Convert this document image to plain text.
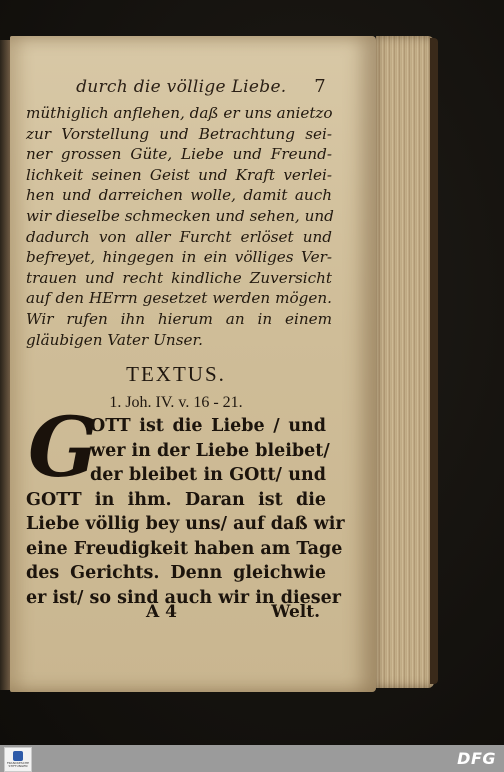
durch die völlige Liebe. 7
müthiglich anflehen, daß er uns anietzo
zur Vorstellung und Betrachtung sei-
ner grossen Güte, Liebe und Freund-
lichkeit seinen Geist und Kraft verlei-
hen und darreichen wolle, damit auch
wir dieselbe schmecken und sehen, und
dadurch von aller Furcht erlöset und
befreyet, hingegen in ein völliges Ver-
trauen und recht kindliche Zuversicht
auf den HErrn gesetzet werden mögen.
Wir rufen ihn hierum an in einem
gläubigen Vater Unser.
TEXTUS.
1. Joh. IV. v. 16 - 21.
G
OTT ist die Liebe / und
wer in der Liebe bleibet/
der bleibet in GOtt/ und
GOTT in ihm. Daran ist die
Liebe völlig bey uns/ auf daß wir
eine Freudigkeit haben am Tage
des Gerichts. Denn gleichwie
er ist/ so sind auch wir in dieser
A 4	Welt.
FRANCKESCHE STIFTUNGEN	DFG
